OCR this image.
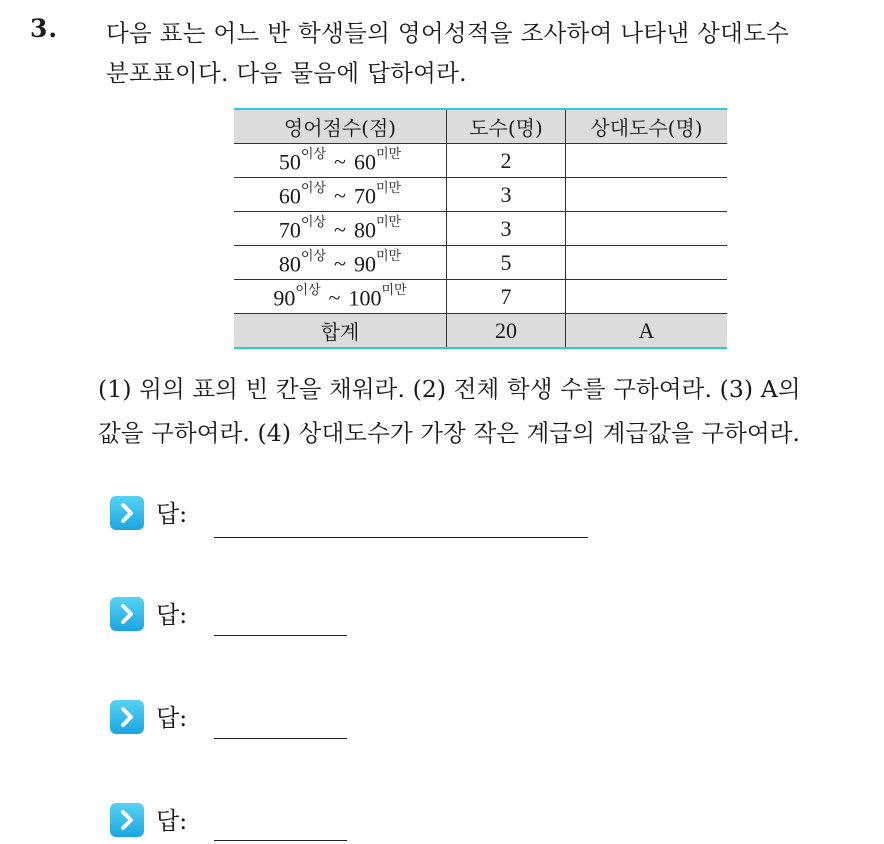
3. 다음 표는 어느 반 학생들의 영어성적을 조사하여 나타낸 상대도수
분포표이다. 다음 물음에 답하여라.
영어점수(점)	도수(명)	상대도수(명)
$50^{이상}$ ~ $60^{미만}$	2	
$60^{이상}$ ~ $70^{미만}$	3	
$70^{이상}$ ~ $80^{미만}$	3	
$80^{이상}$ ~ $90^{미만}$	5	
$90^{이상}$ ~ $100^{미만}$	7	
합계	20	A
(1) 위의 표의 빈 칸을 채워라. (2) 전체 학생 수를 구하여라. (3) A의
값을 구하여라. (4) 상대도수가 가장 작은 계급의 계급값을 구하여라.
답:
답:
답:
답:
